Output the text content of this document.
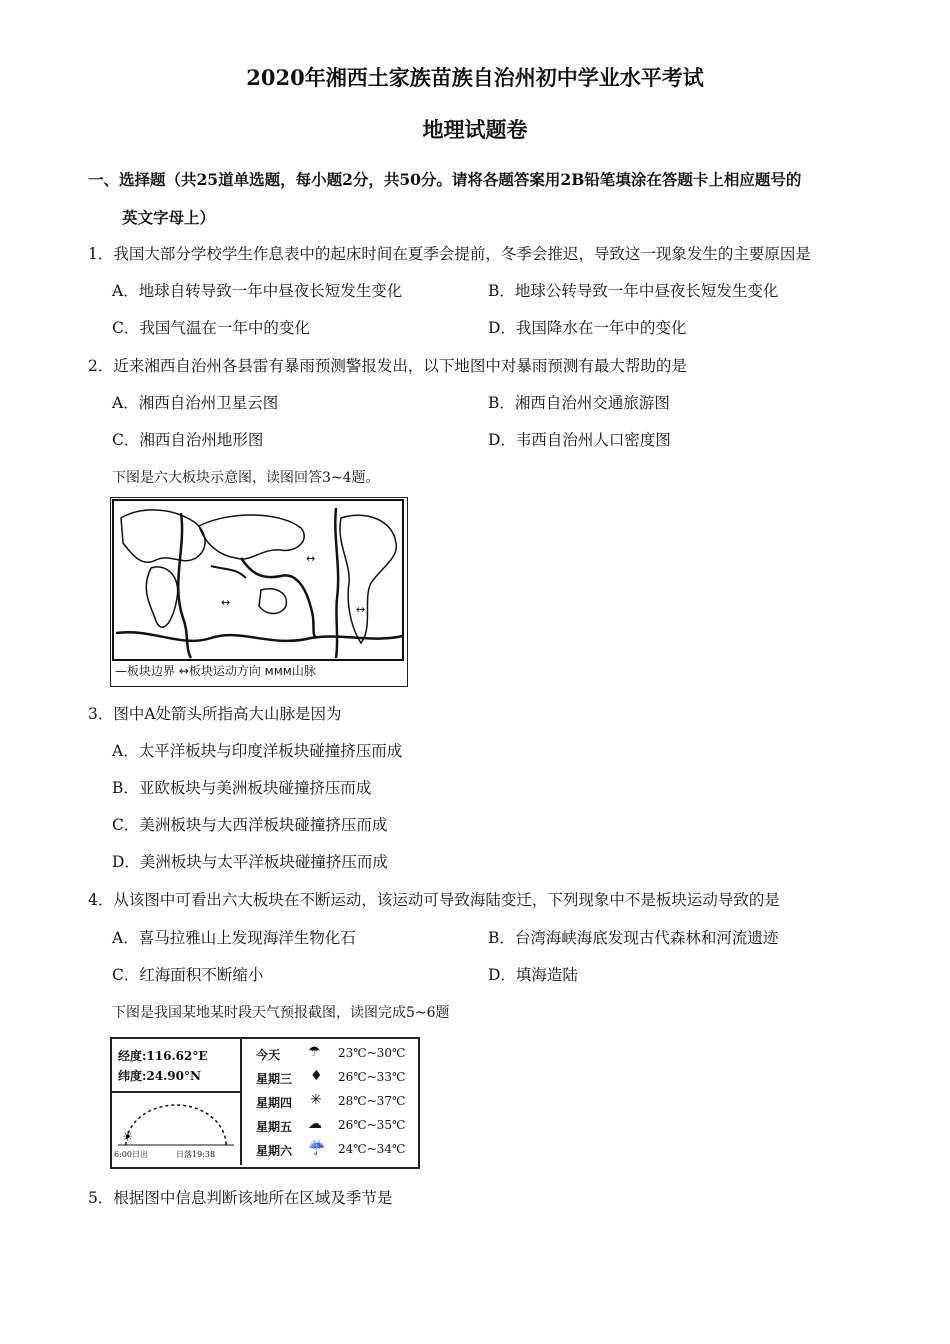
2020年湘西土家族苗族自治州初中学业水平考试
地理试题卷
一、选择题（共25道单选题，每小题2分，共50分。请将各题答案用2B铅笔填涂在答题卡上相应题号的
英文字母上）
1．我国大部分学校学生作息表中的起床时间在夏季会提前，冬季会推迟，导致这一现象发生的主要原因是
A．地球自转导致一年中昼夜长短发生变化	B．地球公转导致一年中昼夜长短发生变化
C．我国气温在一年中的变化	D．我国降水在一年中的变化
2．近来湘西自治州各县雷有暴雨预测警报发出，以下地图中对暴雨预测有最大帮助的是
A．湘西自治州卫星云图	B．湘西自治州交通旅游图
C．湘西自治州地形图	D．韦西自治州人口密度图
下图是六大板块示意图，读图回答3~4题。
↔
↔
↔
—板块边界 ↔板块运动方向 ᴍᴍᴍ山脉
3．图中A处箭头所指高大山脉是因为
A．太平洋板块与印度洋板块碰撞挤压而成
B．亚欧板块与美洲板块碰撞挤压而成
C．美洲板块与大西洋板块碰撞挤压而成
D．美洲板块与太平洋板块碰撞挤压而成
4．从该图中可看出六大板块在不断运动，该运动可导致海陆变迁，下列现象中不是板块运动导致的是
A．喜马拉雅山上发现海洋生物化石	B．台湾海峡海底发现古代森林和河流遗迹
C．红海面积不断缩小	D．填海造陆
下图是我国某地某时段天气预报截图，读图完成5~6题
经度:116.62°E
纬度:24.90°N
☀
6:00日出	日落19:38
今天 ☂ 23℃~30℃
星期三 ♦ 26℃~33℃
星期四 ✳ 28℃~37℃
星期五 ☁ 26℃~35℃
星期六 ☔ 24℃~34℃
5．根据图中信息判断该地所在区域及季节是
